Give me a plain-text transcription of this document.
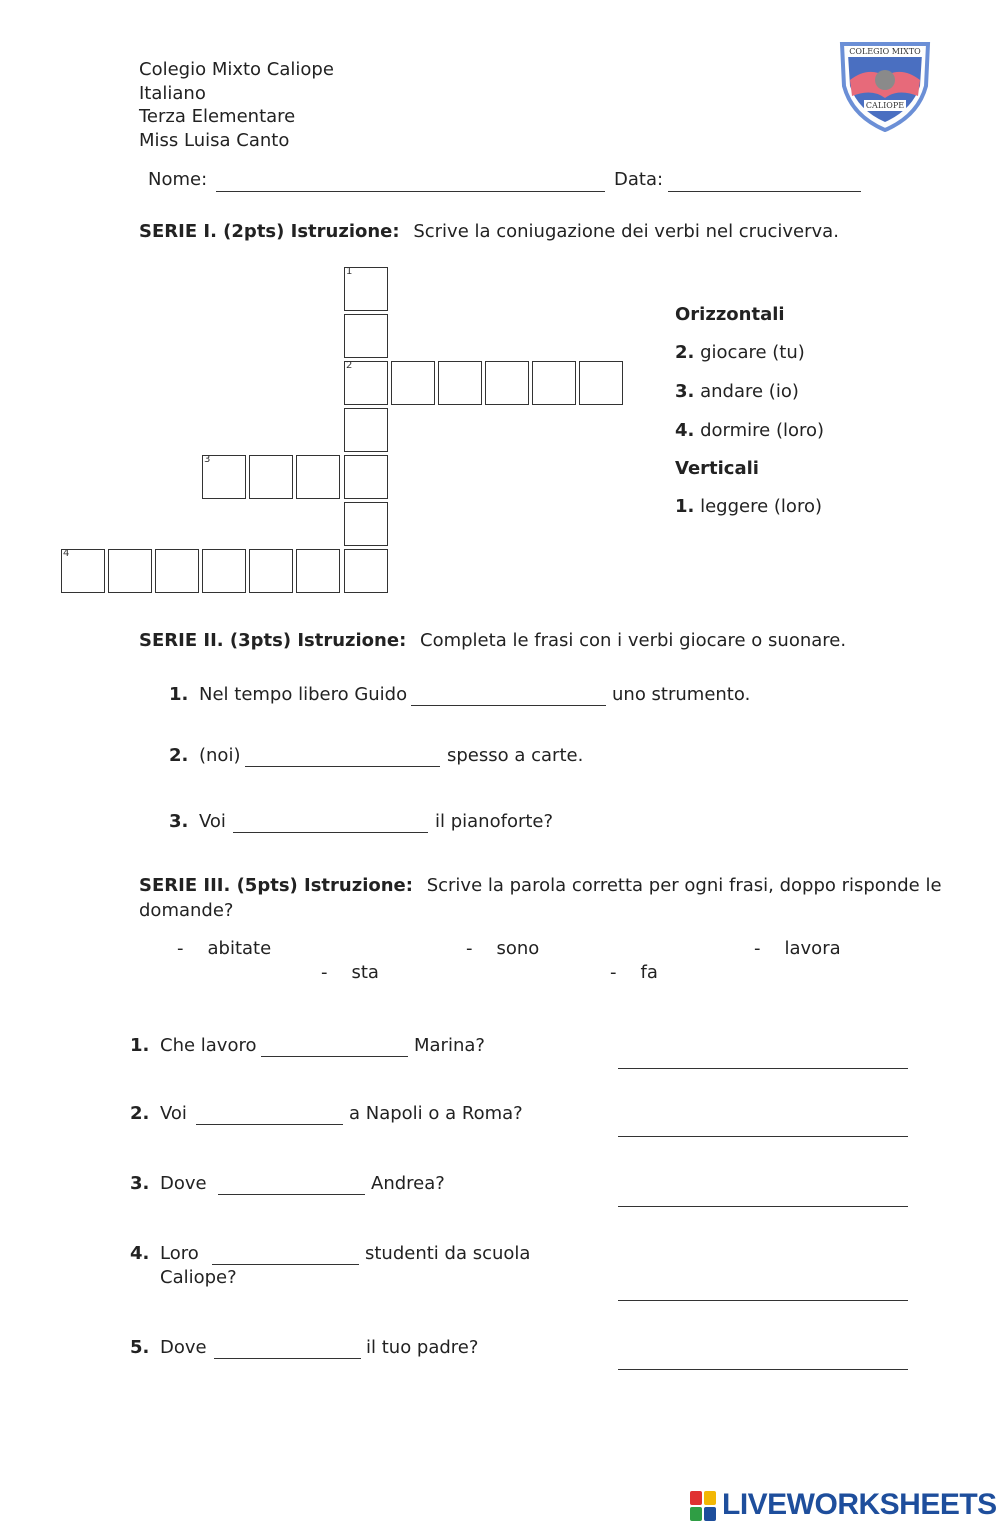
Colegio Mixto Caliope
Italiano
Terza Elementare
Miss Luisa Canto
COLEGIO MIXTO
CALIOPE
Nome:	Data:
SERIE I. (2pts) Istruzione: Scrive la coniugazione dei verbi nel cruciverva.
1
2
3
4
Orizzontali
2. giocare (tu)
3. andare (io)
4. dormire (loro)
Verticali
1. leggere (loro)
SERIE II. (3pts) Istruzione: Completa le frasi con i verbi giocare o suonare.
1. Nel tempo libero Guido	uno strumento.
2. (noi)	spesso a carte.
3. Voi	il pianoforte?
SERIE III. (5pts) Istruzione: Scrive la parola corretta per ogni frasi, doppo risponde le
domande?
- abitate	- sono	- lavora
- sta	- fa
1. Che lavoro	Marina?
2. Voi	a Napoli o a Roma?
3. Dove	Andrea?
4. Loro	studenti da scuola
Caliope?
5. Dove	il tuo padre?
LIVEWORKSHEETS
